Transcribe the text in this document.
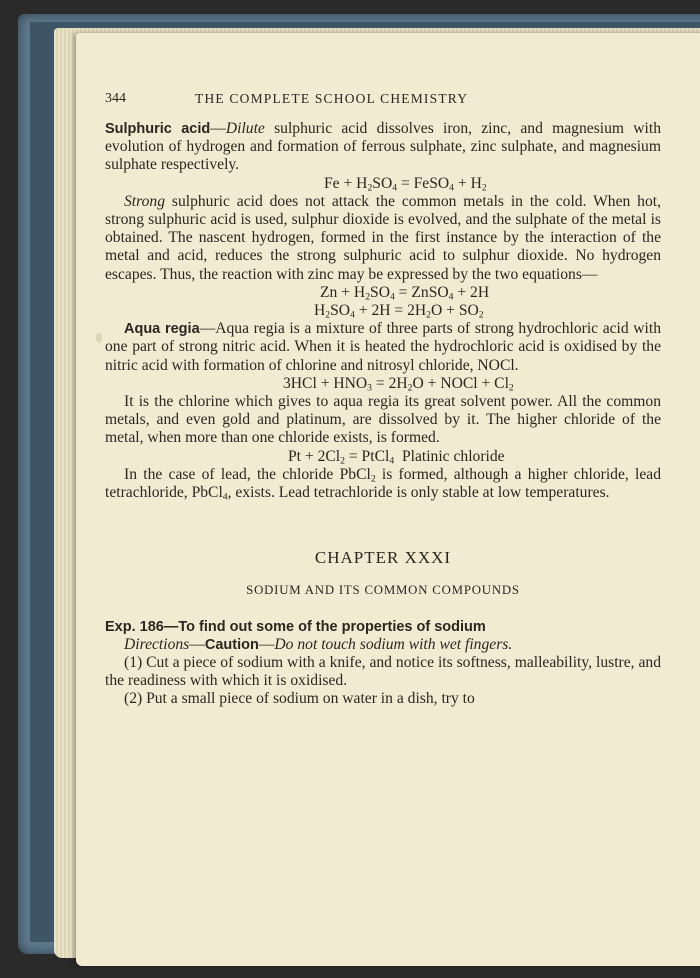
344	THE COMPLETE SCHOOL CHEMISTRY

Sulphuric acid—Dilute sulphuric acid dissolves iron, zinc, and magnesium with evolution of hydrogen and formation of ferrous sulphate, zinc sulphate, and magnesium sulphate respectively.

$Fe + H_2SO_4$ = FeSO$_4$ + $H_2$

Strong sulphuric acid does not attack the common metals in the cold. When hot, strong sulphuric acid is used, sulphur dioxide is evolved, and the sulphate of the metal is obtained. The nascent hydrogen, formed in the first instance by the interaction of the metal and acid, reduces the strong sulphuric acid to sulphur dioxide. No hydrogen escapes. Thus, the reaction with zinc may be expressed by the two equations—

$Zn + H_2SO_4$ = ZnSO$_4$ + 2H

$H_2SO_4 + 2H = 2H_2O + SO_2$

Aqua regia—Aqua regia is a mixture of three parts of strong hydrochloric acid with one part of strong nitric acid. When it is heated the hydrochloric acid is oxidised by the nitric acid with formation of chlorine and nitrosyl chloride, NOCl.

$3HCl + HNO_3 = 2H_2O$ + NOCl + $Cl_2$

It is the chlorine which gives to aqua regia its great solvent power. All the common metals, and even gold and platinum, are dissolved by it. The higher chloride of the metal, when more than one chloride exists, is formed.

$Pt + 2Cl_2$ = PtCl$_4$  Platinic chloride

In the case of lead, the chloride PbCl$_2$ is formed, although a higher chloride, lead tetrachloride, PbCl$_4$, exists. Lead tetrachloride is only stable at low temperatures.

CHAPTER XXXI
SODIUM AND ITS COMMON COMPOUNDS

Exp. 186—To find out some of the properties of sodium

Directions—Caution—Do not touch sodium with wet fingers.

(1) Cut a piece of sodium with a knife, and notice its softness, malleability, lustre, and the readiness with which it is oxidised.

(2) Put a small piece of sodium on water in a dish, try to
